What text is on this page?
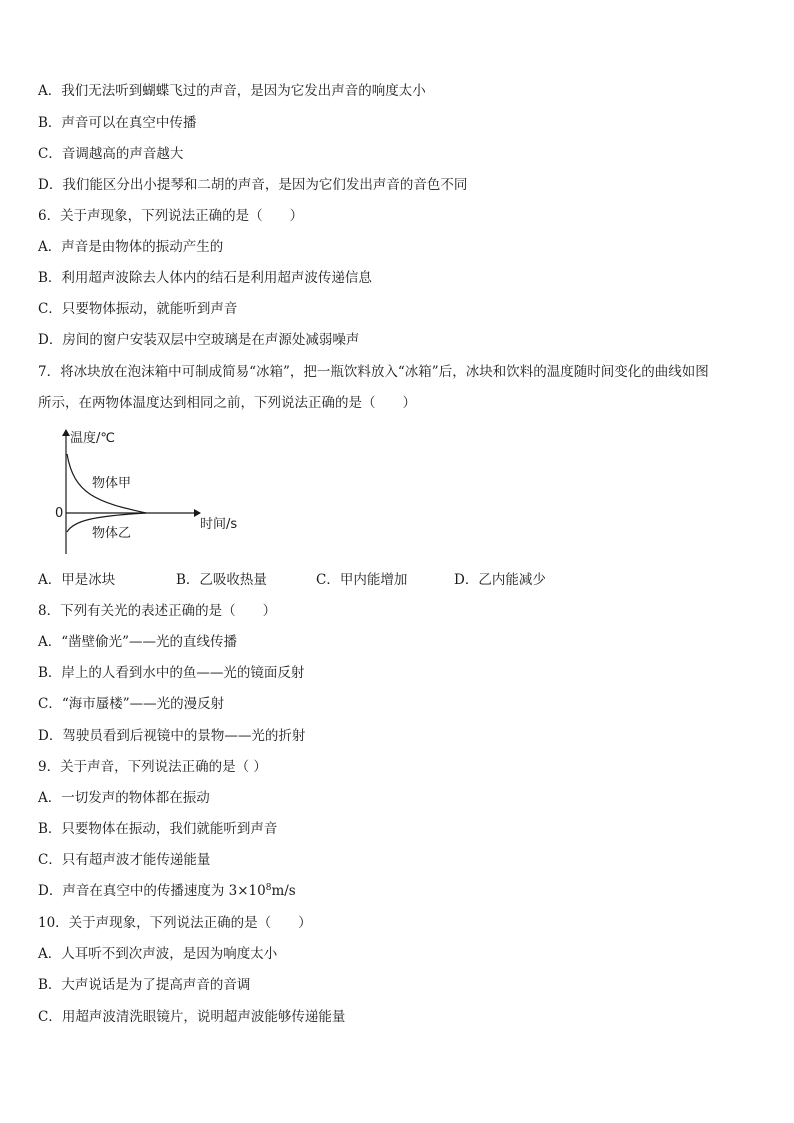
A．我们无法听到蝴蝶飞过的声音，是因为它发出声音的响度太小
B．声音可以在真空中传播
C．音调越高的声音越大
D．我们能区分出小提琴和二胡的声音，是因为它们发出声音的音色不同
6．关于声现象，下列说法正确的是（　　）
A．声音是由物体的振动产生的
B．利用超声波除去人体内的结石是利用超声波传递信息
C．只要物体振动，就能听到声音
D．房间的窗户安装双层中空玻璃是在声源处减弱噪声
7．将冰块放在泡沫箱中可制成简易“冰箱”，把一瓶饮料放入“冰箱”后，冰块和饮料的温度随时间变化的曲线如图
所示，在两物体温度达到相同之前，下列说法正确的是（　　）
温度/℃
时间/s
0
物体甲
物体乙
A．甲是冰块	B．乙吸收热量	C．甲内能增加	D．乙内能减少
8．下列有关光的表述正确的是（　　）
A．“凿壁偷光”——光的直线传播
B．岸上的人看到水中的鱼——光的镜面反射
C．“海市蜃楼”——光的漫反射
D．驾驶员看到后视镜中的景物——光的折射
9．关于声音，下列说法正确的是（ ）
A．一切发声的物体都在振动
B．只要物体在振动，我们就能听到声音
C．只有超声波才能传递能量
D．声音在真空中的传播速度为 $3\times 10^8m/s$
10．关于声现象，下列说法正确的是（　　）
A．人耳听不到次声波，是因为响度太小
B．大声说话是为了提高声音的音调
C．用超声波清洗眼镜片，说明超声波能够传递能量
